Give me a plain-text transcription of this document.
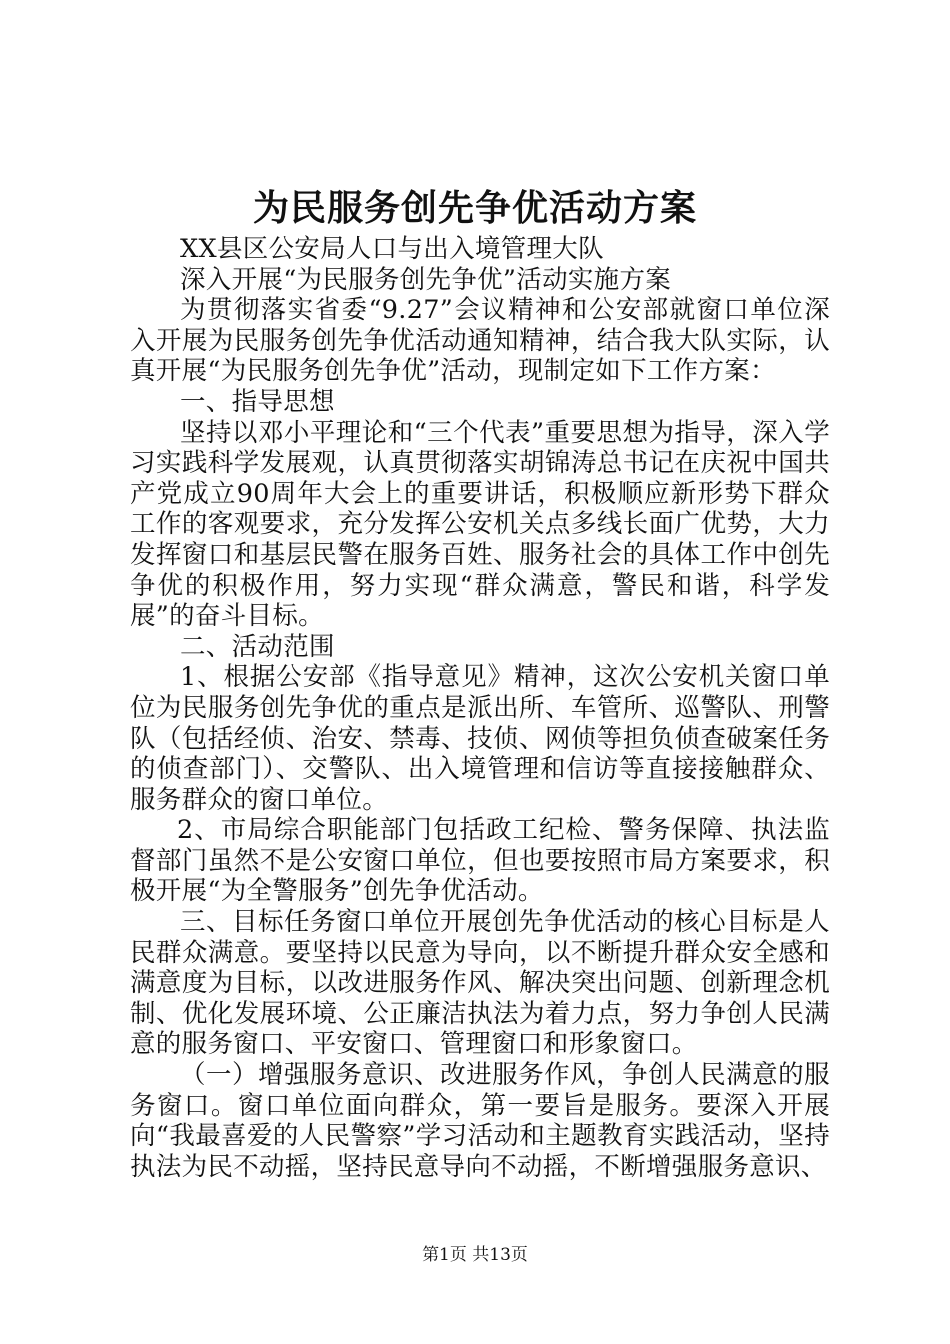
为民服务创先争优活动方案

XX县区公安局人口与出入境管理大队

深入开展“为民服务创先争优”活动实施方案

为贯彻落实省委“9.27”会议精神和公安部就窗口单位深入开展为民服务创先争优活动通知精神，结合我大队实际，认真开展“为民服务创先争优”活动，现制定如下工作方案：

一、指导思想

坚持以邓小平理论和“三个代表”重要思想为指导，深入学习实践科学发展观，认真贯彻落实胡锦涛总书记在庆祝中国共产党成立90周年大会上的重要讲话，积极顺应新形势下群众工作的客观要求，充分发挥公安机关点多线长面广优势，大力发挥窗口和基层民警在服务百姓、服务社会的具体工作中创先争优的积极作用，努力实现“群众满意，警民和谐，科学发展”的奋斗目标。

二、活动范围

1、根据公安部《指导意见》精神，这次公安机关窗口单位为民服务创先争优的重点是派出所、车管所、巡警队、刑警队（包括经侦、治安、禁毒、技侦、网侦等担负侦查破案任务的侦查部门）、交警队、出入境管理和信访等直接接触群众、服务群众的窗口单位。

2、市局综合职能部门包括政工纪检、警务保障、执法监督部门虽然不是公安窗口单位，但也要按照市局方案要求，积极开展“为全警服务”创先争优活动。

三、目标任务窗口单位开展创先争优活动的核心目标是人民群众满意。要坚持以民意为导向，以不断提升群众安全感和满意度为目标，以改进服务作风、解决突出问题、创新理念机制、优化发展环境、公正廉洁执法为着力点，努力争创人民满意的服务窗口、平安窗口、管理窗口和形象窗口。

（一）增强服务意识、改进服务作风，争创人民满意的服务窗口。窗口单位面向群众，第一要旨是服务。要深入开展向“我最喜爱的人民警察”学习活动和主题教育实践活动，坚持执法为民不动摇，坚持民意导向不动摇，不断增强服务意识、

第1页 共13页
